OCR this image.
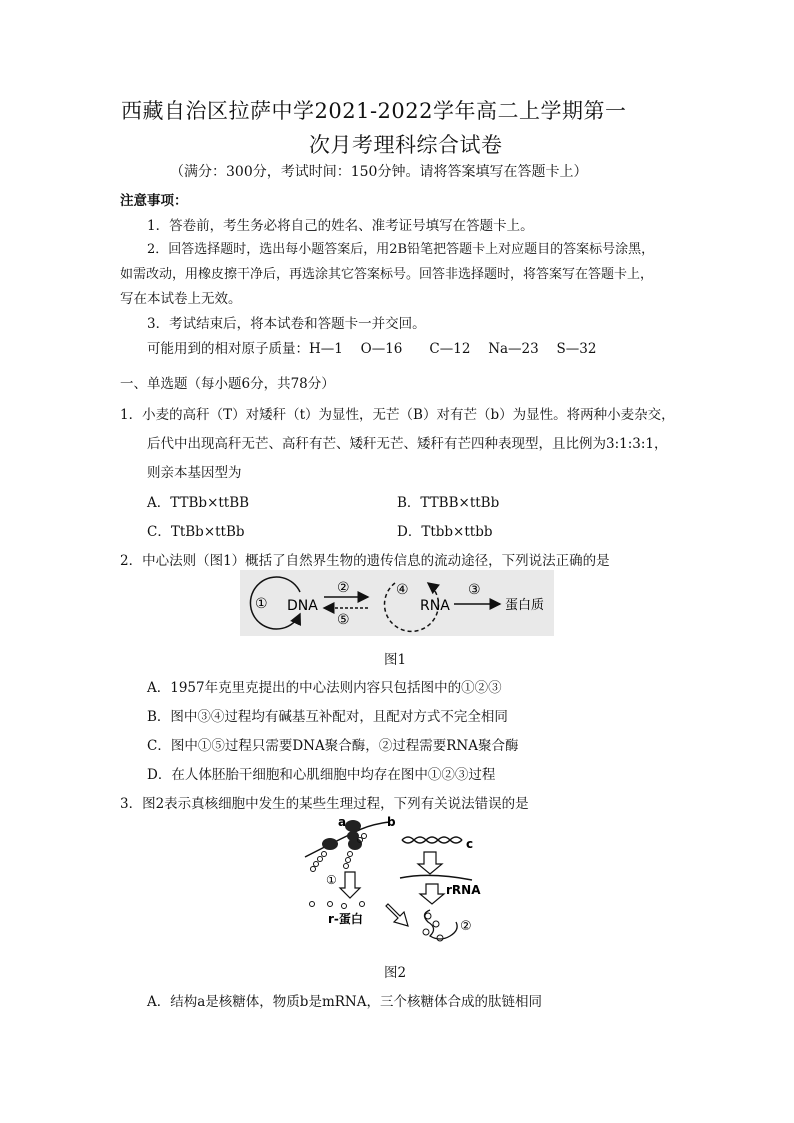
西藏自治区拉萨中学2021-2022学年高二上学期第一
次月考理科综合试卷
（满分：300分，考试时间：150分钟。请将答案填写在答题卡上）
注意事项：
1．答卷前，考生务必将自己的姓名、准考证号填写在答题卡上。
2．回答选择题时，选出每小题答案后，用2B铅笔把答题卡上对应题目的答案标号涂黑，
如需改动，用橡皮擦干净后，再选涂其它答案标号。回答非选择题时，将答案写在答题卡上，
写在本试卷上无效。
3．考试结束后，将本试卷和答题卡一并交回。
可能用到的相对原子质量：H—1　 O—16　　C—12　 Na—23　 S—32
一、单选题（每小题6分，共78分）
1．小麦的高秆（T）对矮秆（t）为显性，无芒（B）对有芒（b）为显性。将两种小麦杂交，
后代中出现高秆无芒、高秆有芒、矮秆无芒、矮秆有芒四种表现型，且比例为3:1:3:1，
则亲本基因型为
A．TTBb×ttBB	B．TTBB×ttBb
C．TtBb×ttBb	D．Ttbb×ttbb
2．中心法则（图1）概括了自然界生物的遗传信息的流动途径，下列说法正确的是
① DNA
②
⑤
④
RNA
③
蛋白质
图1
A．1957年克里克提出的中心法则内容只包括图中的①②③
B．图中③④过程均有碱基互补配对，且配对方式不完全相同
C．图中①⑤过程只需要DNA聚合酶，②过程需要RNA聚合酶
D．在人体胚胎干细胞和心肌细胞中均存在图中①②③过程
3．图2表示真核细胞中发生的某些生理过程，下列有关说法错误的是
a	b
①
r-蛋白
c
rRNA
②
图2
A．结构a是核糖体，物质b是mRNA，三个核糖体合成的肽链相同
